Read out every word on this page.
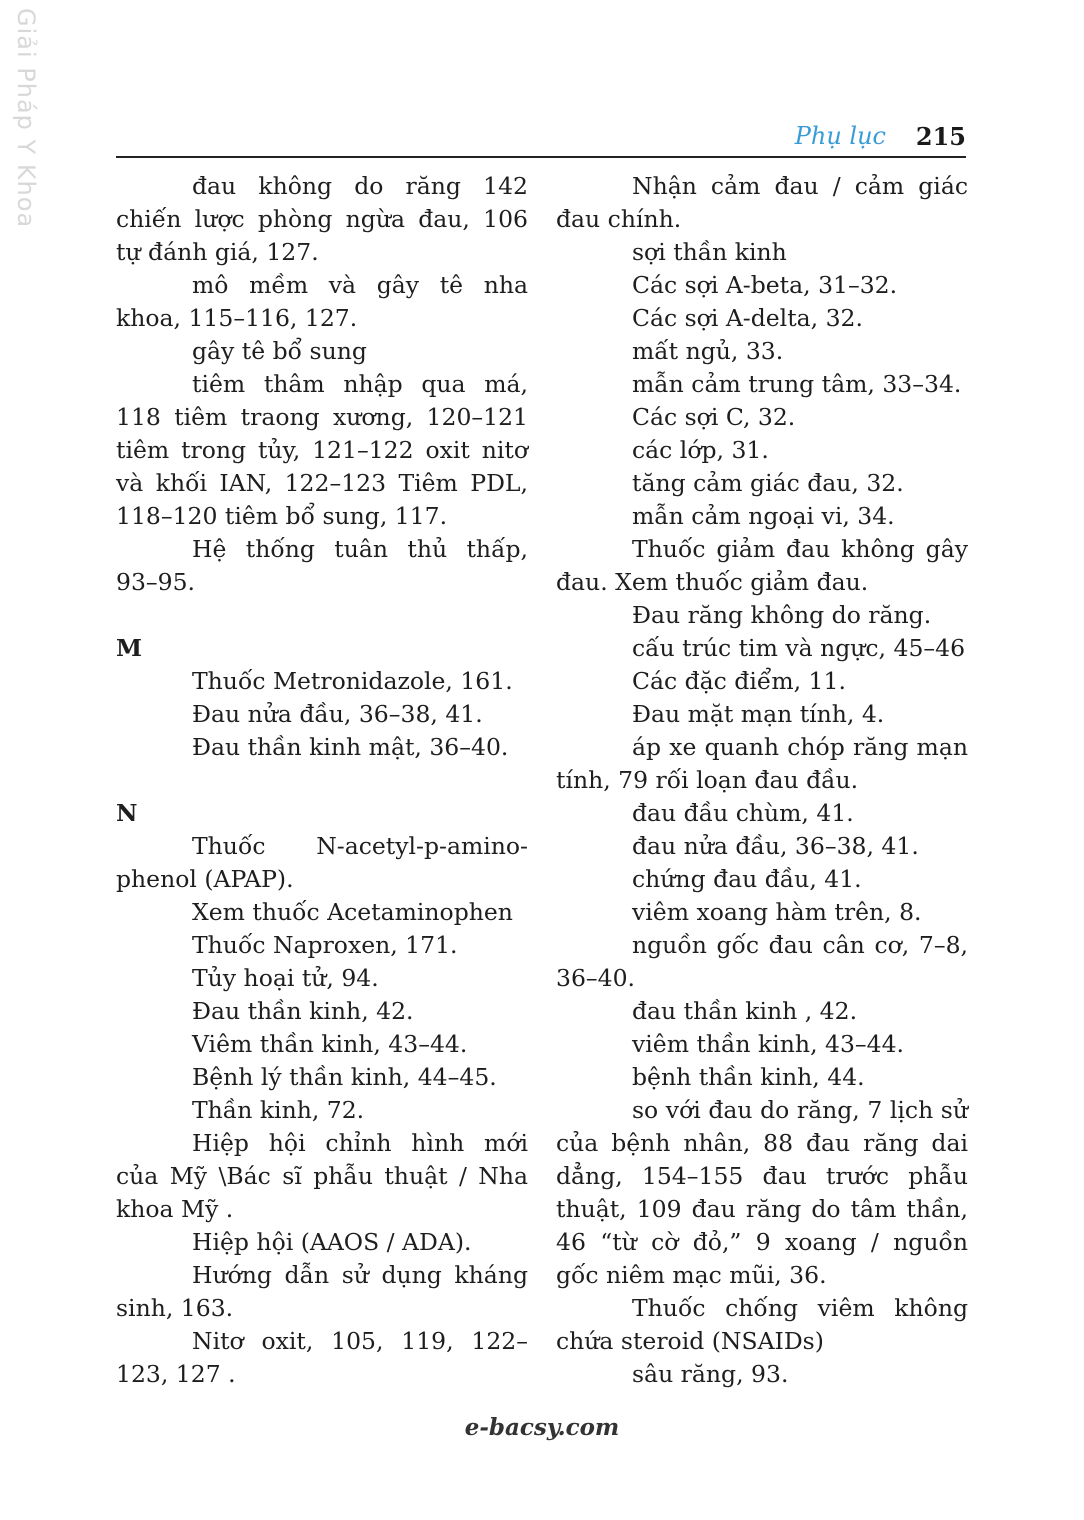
Giải Pháp Y Khoa	Phụ lục 215

đau không do răng 142 chiến lược phòng ngừa đau, 106 tự đánh giá, 127.

mô mềm và gây tê nha khoa, 115–116, 127.

gây tê bổ sung

tiêm thâm nhập qua má, 118 tiêm traong xương, 120–121 tiêm trong tủy, 121–122 oxit nitơ và khối IAN, 122–123 Tiêm PDL, 118–120 tiêm bổ sung, 117.

Hệ thống tuân thủ thấp, 93–95.

M

Thuốc Metronidazole, 161.

Đau nửa đầu, 36–38, 41.

Đau thần kinh mật, 36–40.

N

Thuốc N-acetyl-p-amino-phenol (APAP).

Xem thuốc Acetaminophen

Thuốc Naproxen, 171.

Tủy hoại tử, 94.

Đau thần kinh, 42.

Viêm thần kinh, 43–44.

Bệnh lý thần kinh, 44–45.

Thần kinh, 72.

Hiệp hội chỉnh hình mới của Mỹ \Bác sĩ phẫu thuật / Nha khoa Mỹ .

Hiệp hội (AAOS / ADA).

Hướng dẫn sử dụng kháng sinh, 163.

Nitơ oxit, 105, 119, 122–123, 127 .

Nhận cảm đau / cảm giác đau chính.

sợi thần kinh

Các sợi A-beta, 31–32.

Các sợi A-delta, 32.

mất ngủ, 33.

mẫn cảm trung tâm, 33–34.

Các sợi C, 32.

các lớp, 31.

tăng cảm giác đau, 32.

mẫn cảm ngoại vi, 34.

Thuốc giảm đau không gây đau. Xem thuốc giảm đau.

Đau răng không do răng.

cấu trúc tim và ngực, 45–46

Các đặc điểm, 11.

Đau mặt mạn tính, 4.

áp xe quanh chóp răng mạn tính, 79 rối loạn đau đầu.

đau đầu chùm, 41.

đau nửa đầu, 36–38, 41.

chứng đau đầu, 41.

viêm xoang hàm trên, 8.

nguồn gốc đau cân cơ, 7–8, 36–40.

đau thần kinh , 42.

viêm thần kinh, 43–44.

bệnh thần kinh, 44.

so với đau do răng, 7 lịch sử của bệnh nhân, 88 đau răng dai dẳng, 154–155 đau trước phẫu thuật, 109 đau răng do tâm thần, 46 “từ cờ đỏ,” 9 xoang / nguồn gốc niêm mạc mũi, 36.

Thuốc chống viêm không chứa steroid (NSAIDs)

sâu răng, 93.

e-bacsy.com
